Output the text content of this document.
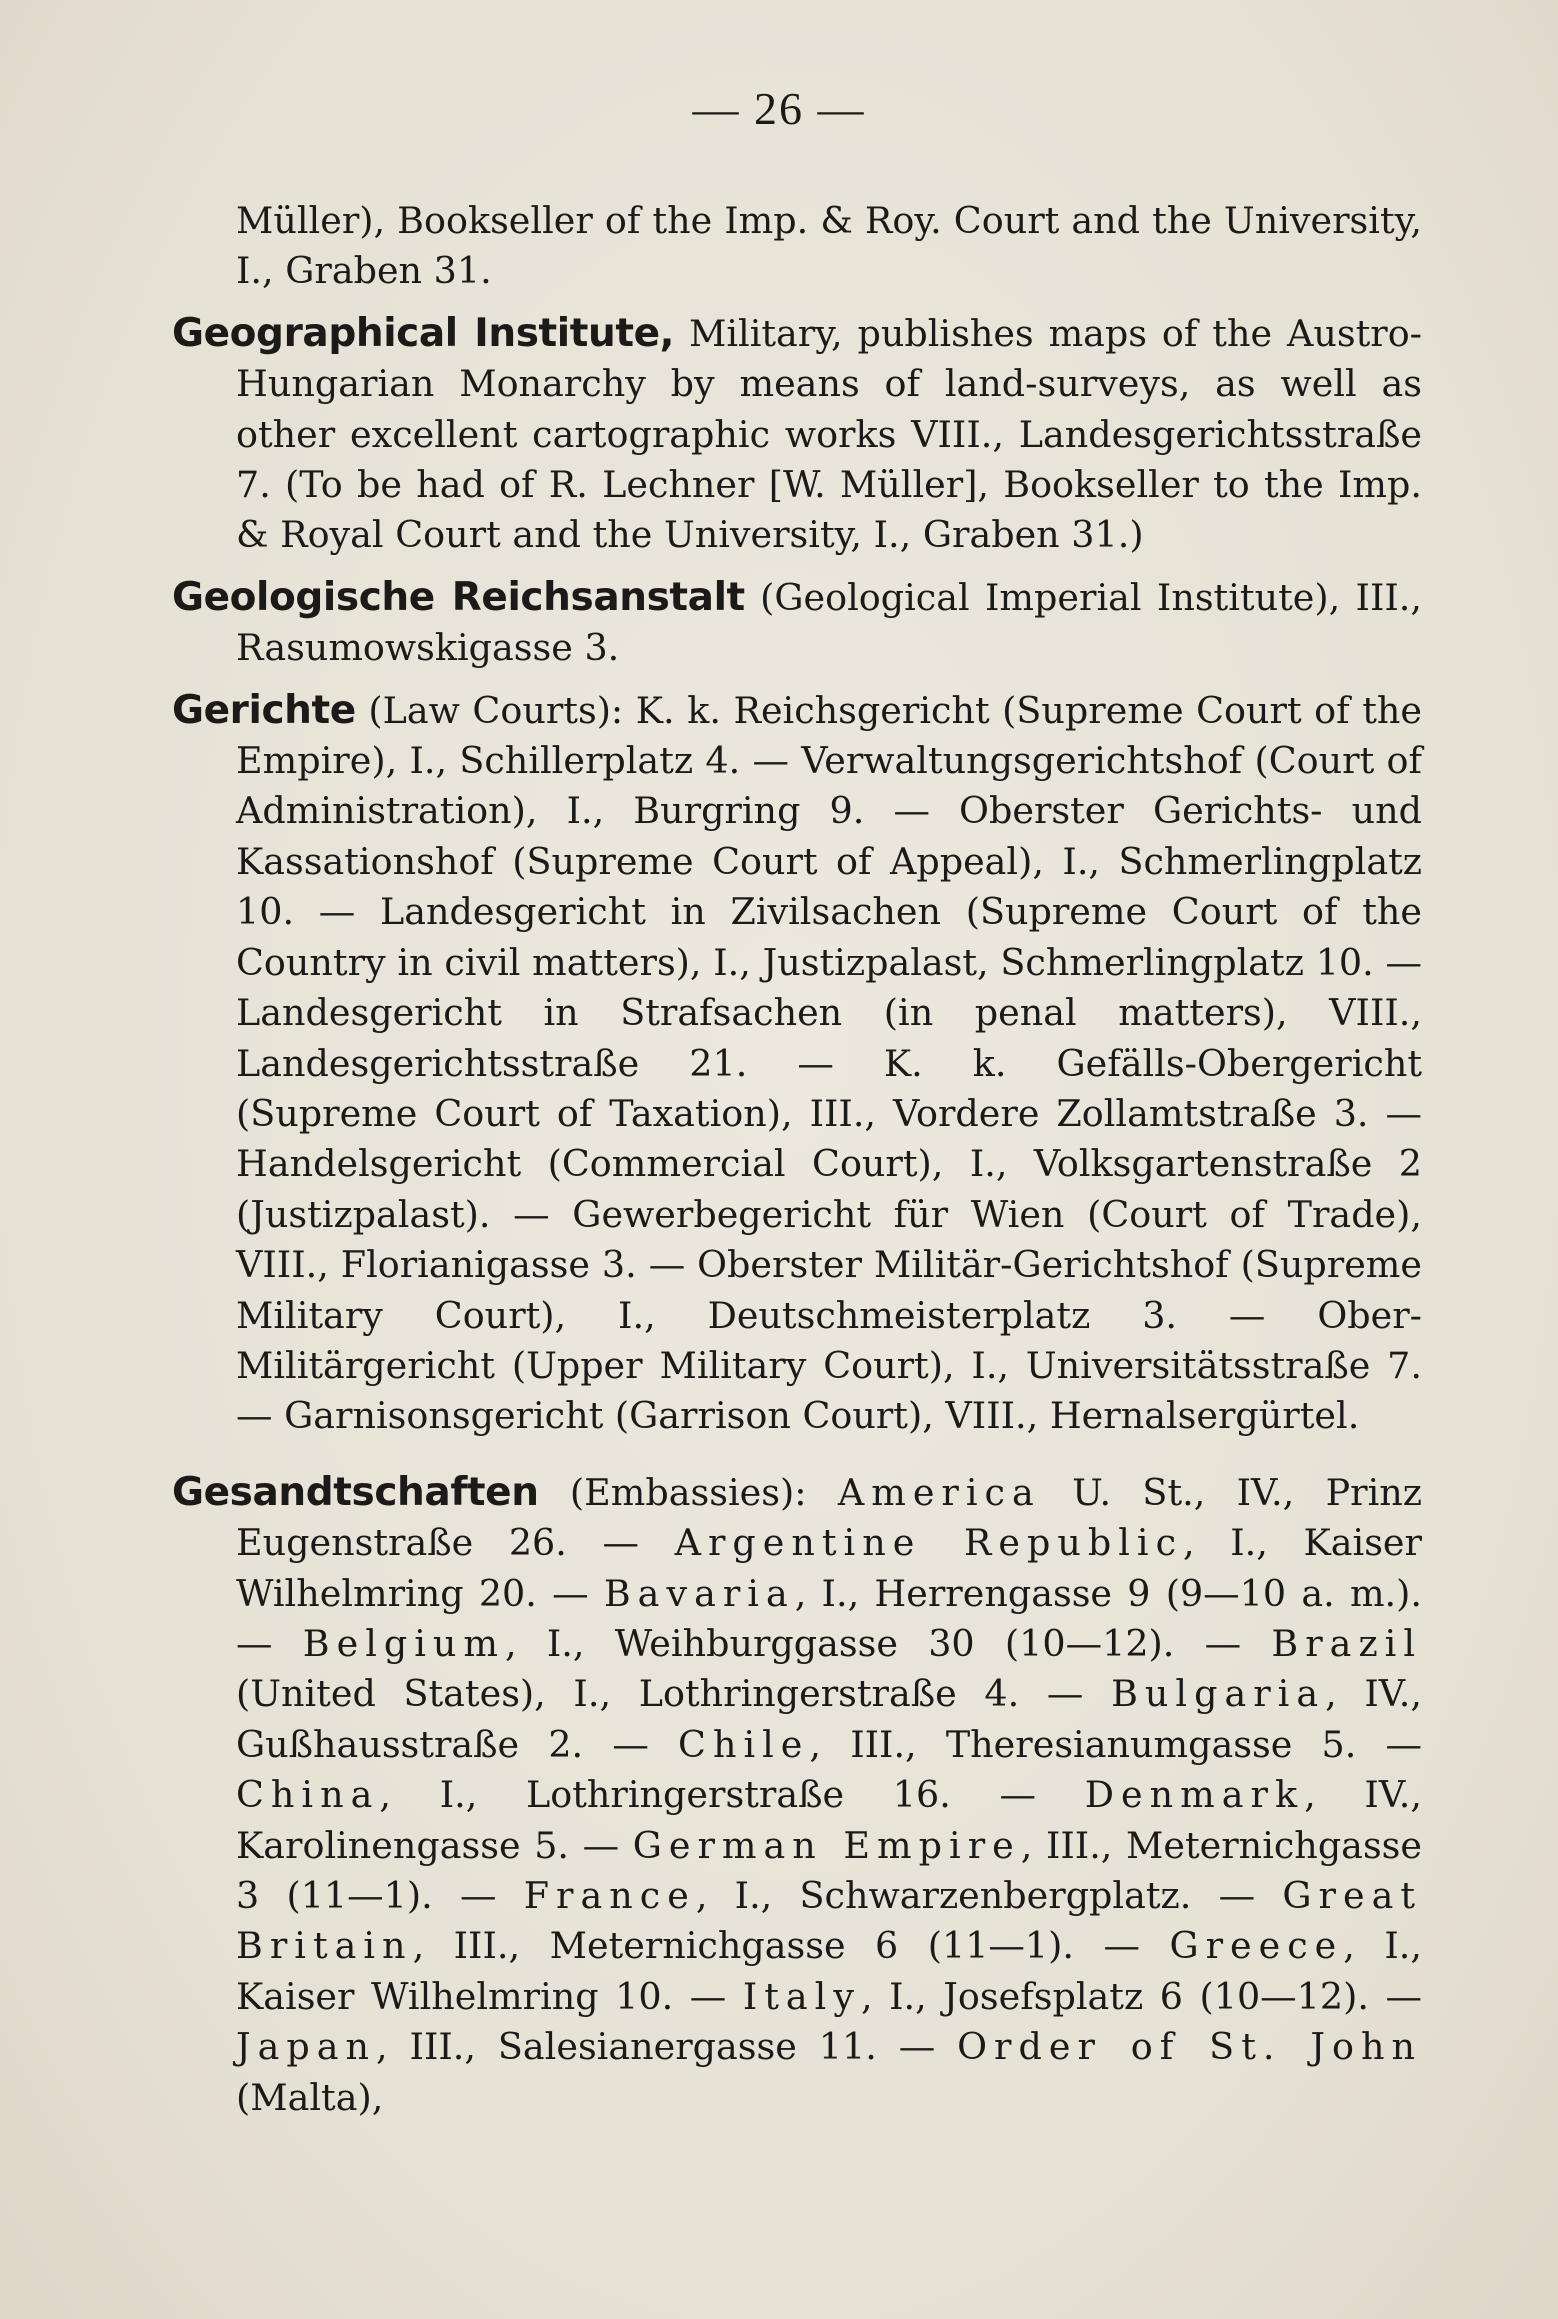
— 26 —

Müller), Bookseller of the Imp. & Roy. Court and the University, I., Graben 31.

Geographical Institute, Military, publishes maps of the Austro-Hungarian Monarchy by means of land-surveys, as well as other excellent cartographic works VIII., Landesgerichtsstraße 7. (To be had of R. Lechner [W. Müller], Bookseller to the Imp. & Royal Court and the University, I., Graben 31.)

Geologische Reichsanstalt (Geological Imperial Institute), III., Rasumowskigasse 3.

Gerichte (Law Courts): K. k. Reichsgericht (Supreme Court of the Empire), I., Schillerplatz 4. — Verwaltungsgerichtshof (Court of Administration), I., Burgring 9. — Oberster Gerichts- und Kassationshof (Supreme Court of Appeal), I., Schmerlingplatz 10. — Landesgericht in Zivilsachen (Supreme Court of the Country in civil matters), I., Justizpalast, Schmerlingplatz 10. — Landesgericht in Strafsachen (in penal matters), VIII., Landesgerichtsstraße 21. — K. k. Gefälls-Obergericht (Supreme Court of Taxation), III., Vordere Zollamtstraße 3. — Handelsgericht (Commercial Court), I., Volksgartenstraße 2 (Justizpalast). — Gewerbegericht für Wien (Court of Trade), VIII., Florianigasse 3. — Oberster Militär-Gerichtshof (Supreme Military Court), I., Deutschmeisterplatz 3. — Ober-Militärgericht (Upper Military Court), I., Universitätsstraße 7. — Garnisonsgericht (Garrison Court), VIII., Hernalsergürtel.

Gesandtschaften (Embassies): America U. St., IV., Prinz Eugenstraße 26. — Argentine Republic, I., Kaiser Wilhelmring 20. — Bavaria, I., Herrengasse 9 (9—10 a. m.). — Belgium, I., Weihburggasse 30 (10—12). — Brazil (United States), I., Lothringerstraße 4. — Bulgaria, IV., Gußhausstraße 2. — Chile, III., Theresianumgasse 5. — China, I., Lothringerstraße 16. — Denmark, IV., Karolinengasse 5. — German Empire, III., Meternichgasse 3 (11—1). — France, I., Schwarzenbergplatz. — Great Britain, III., Meternichgasse 6 (11—1). — Greece, I., Kaiser Wilhelmring 10. — Italy, I., Josefsplatz 6 (10—12). — Japan, III., Salesianergasse 11. — Order of St. John (Malta),
